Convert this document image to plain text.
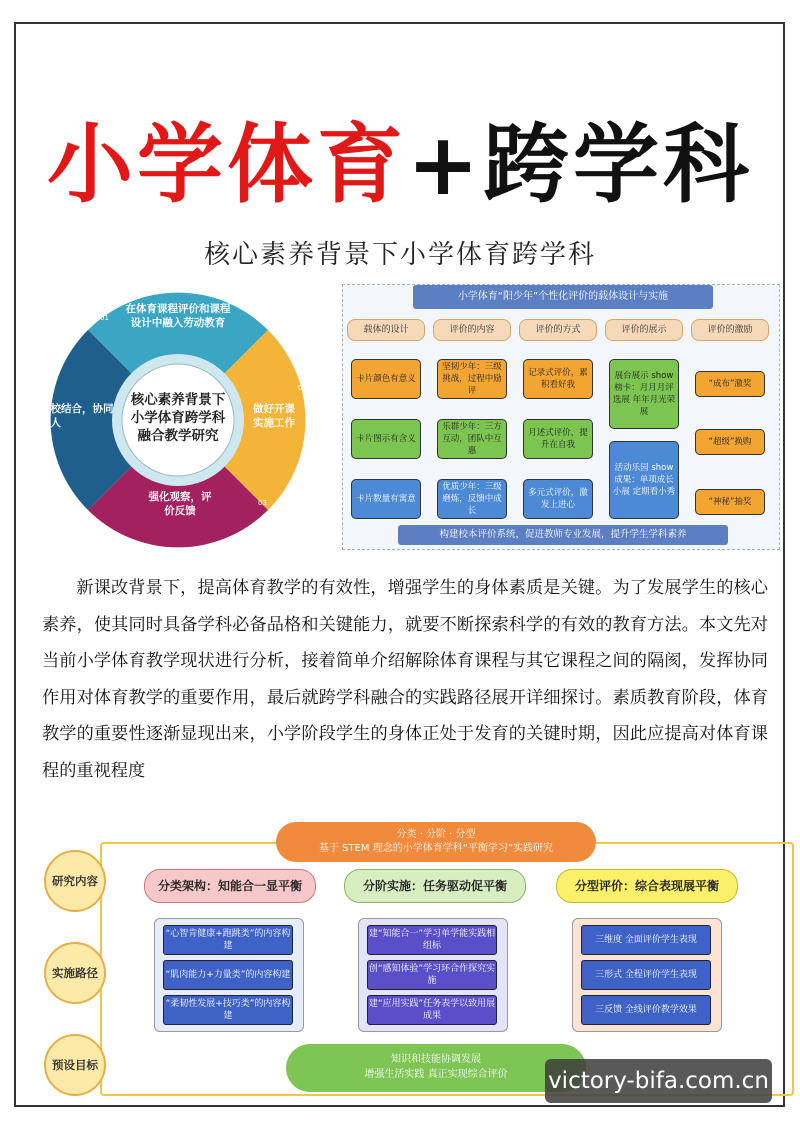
小学体育+跨学科
核心素养背景下小学体育跨学科
在体育课程评价和课程
设计中融入劳动教育
做好开课
实施工作
强化观察，评
价反馈
家校结合，协同
育人
01
02
03
04
核心素养背景下
小学体育跨学科
融合教学研究
小学体育“阳少年”个性化评价的载体设计与实施
载体的设计
卡片颜色有意义
卡片图示有含义
卡片数量有寓意
评价的内容
坚韧少年：三级挑战，过程中励评
乐群少年：三方互动，团队中互惠
优质少年：三级磨炼，反馈中成长
评价的方式
记录式评价，累积看好我
月述式评价，提升在自我
多元式评价，激发上进心
评价的展示
展台展示 show 榜卡：月月月评选展 年年月光荣展
活动乐园 show 成果：单项成长小展 定期看小秀
评价的激励
“成布”激奖
“超级”换购
“神秘”抽奖
构建校本评价系统，促进教师专业发展，提升学生学科素养
新课改背景下，提高体育教学的有效性，增强学生的身体素质是关键。为了发展学生的核心素养，使其同时具备学科必备品格和关键能力，就要不断探索科学的有效的教育方法。本文先对当前小学体育教学现状进行分析，接着简单介绍解除体育课程与其它课程之间的隔阂，发挥协同作用对体育教学的重要作用，最后就跨学科融合的实践路径展开详细探讨。素质教育阶段，体育教学的重要性逐渐显现出来，小学阶段学生的身体正处于发育的关键时期，因此应提高对体育课程的重视程度
分类 · 分阶 · 分型
基于 STEM 理念的小学体育学科“平衡学习”实践研究
研究 内容
实施 路径
预设 目标
分类架构：知能合一显平衡	分阶实施：任务驱动促平衡	分型评价：综合表现展平衡
“心智肯健康+跑跳类”的内容构建
“肌肉能力+力量类”的内容构建
“柔韧性发展+技巧类”的内容构建
建“知能合一”学习单学能实践相组标
创“感知体验”学习环合作探究实施
建“应用实践”任务表学以致用展成果
三维度 全面评价学生表现
三形式 全程评价学生表现
三反馈 全线评价教学效果
知识和技能协调发展
增强生活实践 真正实现综合评价	victory-bifa.com.cn
